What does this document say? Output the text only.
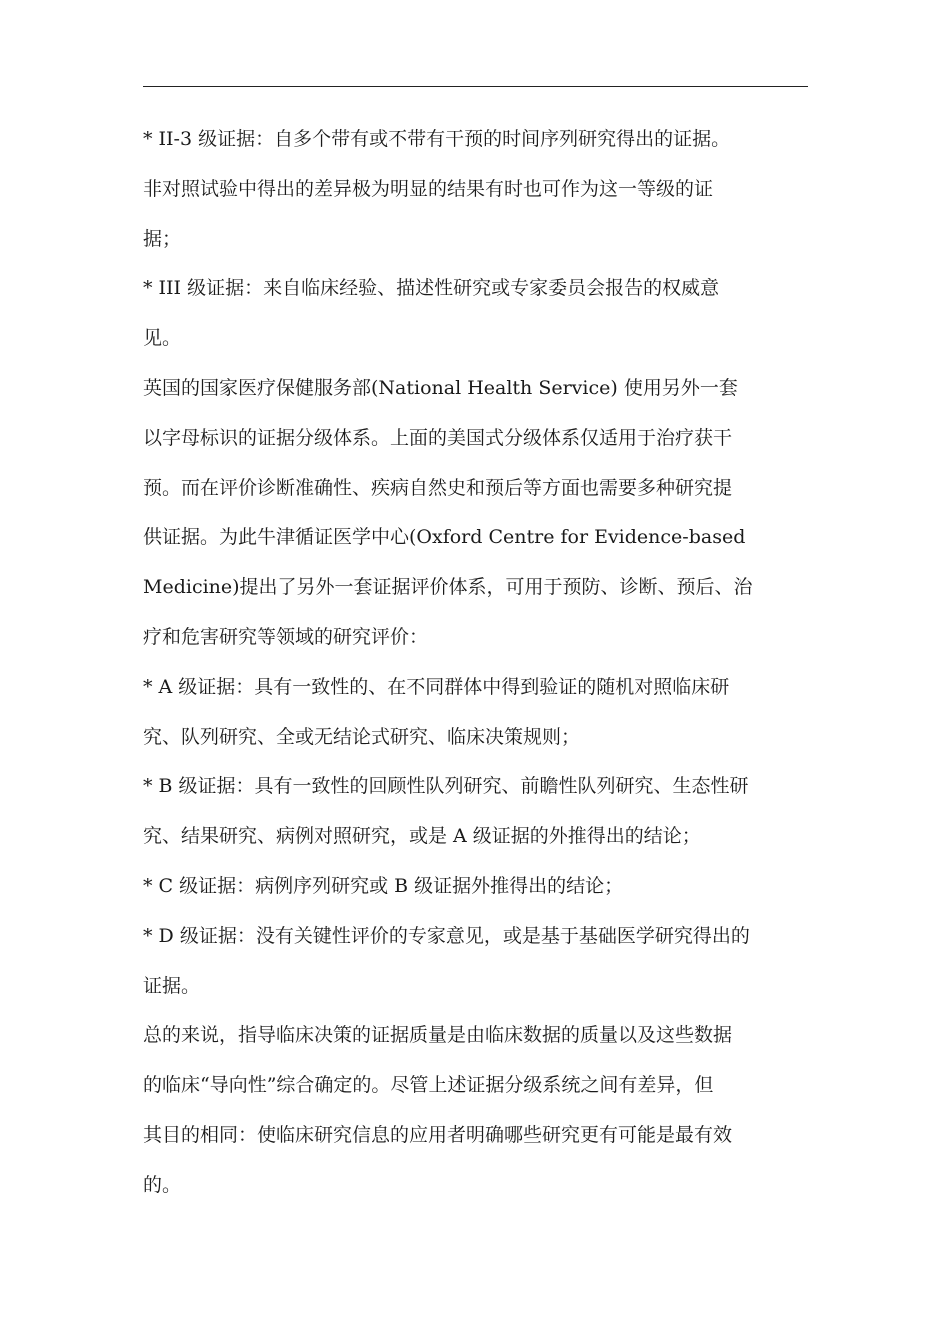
* II-3 级证据：自多个带有或不带有干预的时间序列研究得出的证据。
非对照试验中得出的差异极为明显的结果有时也可作为这一等级的证
据；
* III 级证据：来自临床经验、描述性研究或专家委员会报告的权威意
见。
英国的国家医疗保健服务部(National Health Service) 使用另外一套
以字母标识的证据分级体系。上面的美国式分级体系仅适用于治疗获干
预。而在评价诊断准确性、疾病自然史和预后等方面也需要多种研究提
供证据。为此牛津循证医学中心(Oxford Centre for Evidence-based
Medicine)提出了另外一套证据评价体系，可用于预防、诊断、预后、治
疗和危害研究等领域的研究评价：
* A 级证据：具有一致性的、在不同群体中得到验证的随机对照临床研
究、队列研究、全或无结论式研究、临床决策规则；
* B 级证据：具有一致性的回顾性队列研究、前瞻性队列研究、生态性研
究、结果研究、病例对照研究，或是 A 级证据的外推得出的结论；
* C 级证据：病例序列研究或 B 级证据外推得出的结论；
* D 级证据：没有关键性评价的专家意见，或是基于基础医学研究得出的
证据。
总的来说，指导临床决策的证据质量是由临床数据的质量以及这些数据
的临床“导向性”综合确定的。尽管上述证据分级系统之间有差异，但
其目的相同：使临床研究信息的应用者明确哪些研究更有可能是最有效
的。
